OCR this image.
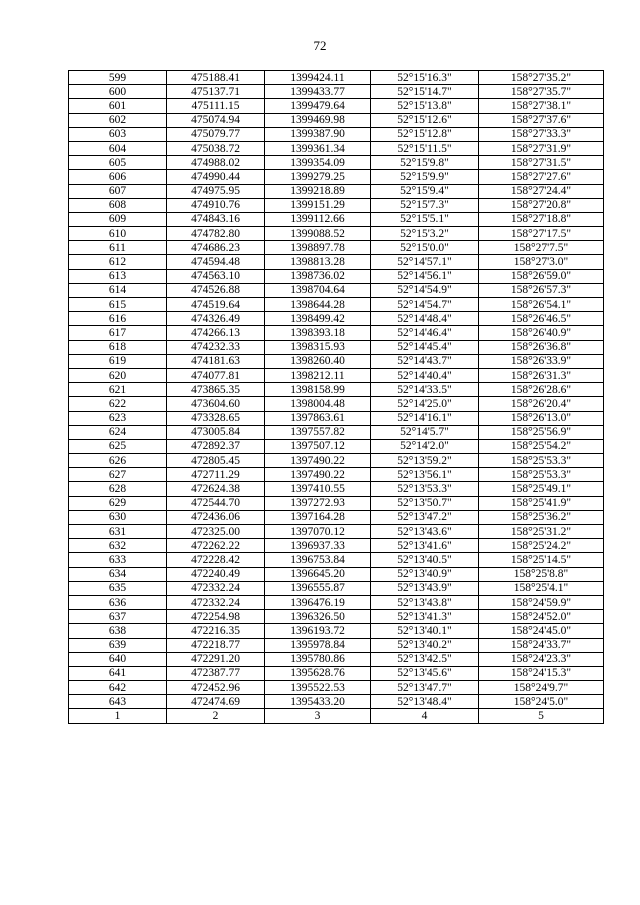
72
599	475188.41	1399424.11	52°15'16.3"	158°27'35.2"
600	475137.71	1399433.77	52°15'14.7"	158°27'35.7"
601	475111.15	1399479.64	52°15'13.8"	158°27'38.1"
602	475074.94	1399469.98	52°15'12.6"	158°27'37.6"
603	475079.77	1399387.90	52°15'12.8"	158°27'33.3"
604	475038.72	1399361.34	52°15'11.5"	158°27'31.9"
605	474988.02	1399354.09	52°15'9.8"	158°27'31.5"
606	474990.44	1399279.25	52°15'9.9"	158°27'27.6"
607	474975.95	1399218.89	52°15'9.4"	158°27'24.4"
608	474910.76	1399151.29	52°15'7.3"	158°27'20.8"
609	474843.16	1399112.66	52°15'5.1"	158°27'18.8"
610	474782.80	1399088.52	52°15'3.2"	158°27'17.5"
611	474686.23	1398897.78	52°15'0.0"	158°27'7.5"
612	474594.48	1398813.28	52°14'57.1"	158°27'3.0"
613	474563.10	1398736.02	52°14'56.1"	158°26'59.0"
614	474526.88	1398704.64	52°14'54.9"	158°26'57.3"
615	474519.64	1398644.28	52°14'54.7"	158°26'54.1"
616	474326.49	1398499.42	52°14'48.4"	158°26'46.5"
617	474266.13	1398393.18	52°14'46.4"	158°26'40.9"
618	474232.33	1398315.93	52°14'45.4"	158°26'36.8"
619	474181.63	1398260.40	52°14'43.7"	158°26'33.9"
620	474077.81	1398212.11	52°14'40.4"	158°26'31.3"
621	473865.35	1398158.99	52°14'33.5"	158°26'28.6"
622	473604.60	1398004.48	52°14'25.0"	158°26'20.4"
623	473328.65	1397863.61	52°14'16.1"	158°26'13.0"
624	473005.84	1397557.82	52°14'5.7"	158°25'56.9"
625	472892.37	1397507.12	52°14'2.0"	158°25'54.2"
626	472805.45	1397490.22	52°13'59.2"	158°25'53.3"
627	472711.29	1397490.22	52°13'56.1"	158°25'53.3"
628	472624.38	1397410.55	52°13'53.3"	158°25'49.1"
629	472544.70	1397272.93	52°13'50.7"	158°25'41.9"
630	472436.06	1397164.28	52°13'47.2"	158°25'36.2"
631	472325.00	1397070.12	52°13'43.6"	158°25'31.2"
632	472262.22	1396937.33	52°13'41.6"	158°25'24.2"
633	472228.42	1396753.84	52°13'40.5"	158°25'14.5"
634	472240.49	1396645.20	52°13'40.9"	158°25'8.8"
635	472332.24	1396555.87	52°13'43.9"	158°25'4.1"
636	472332.24	1396476.19	52°13'43.8"	158°24'59.9"
637	472254.98	1396326.50	52°13'41.3"	158°24'52.0"
638	472216.35	1396193.72	52°13'40.1"	158°24'45.0"
639	472218.77	1395978.84	52°13'40.2"	158°24'33.7"
640	472291.20	1395780.86	52°13'42.5"	158°24'23.3"
641	472387.77	1395628.76	52°13'45.6"	158°24'15.3"
642	472452.96	1395522.53	52°13'47.7"	158°24'9.7"
643	472474.69	1395433.20	52°13'48.4"	158°24'5.0"
1	2	3	4	5
